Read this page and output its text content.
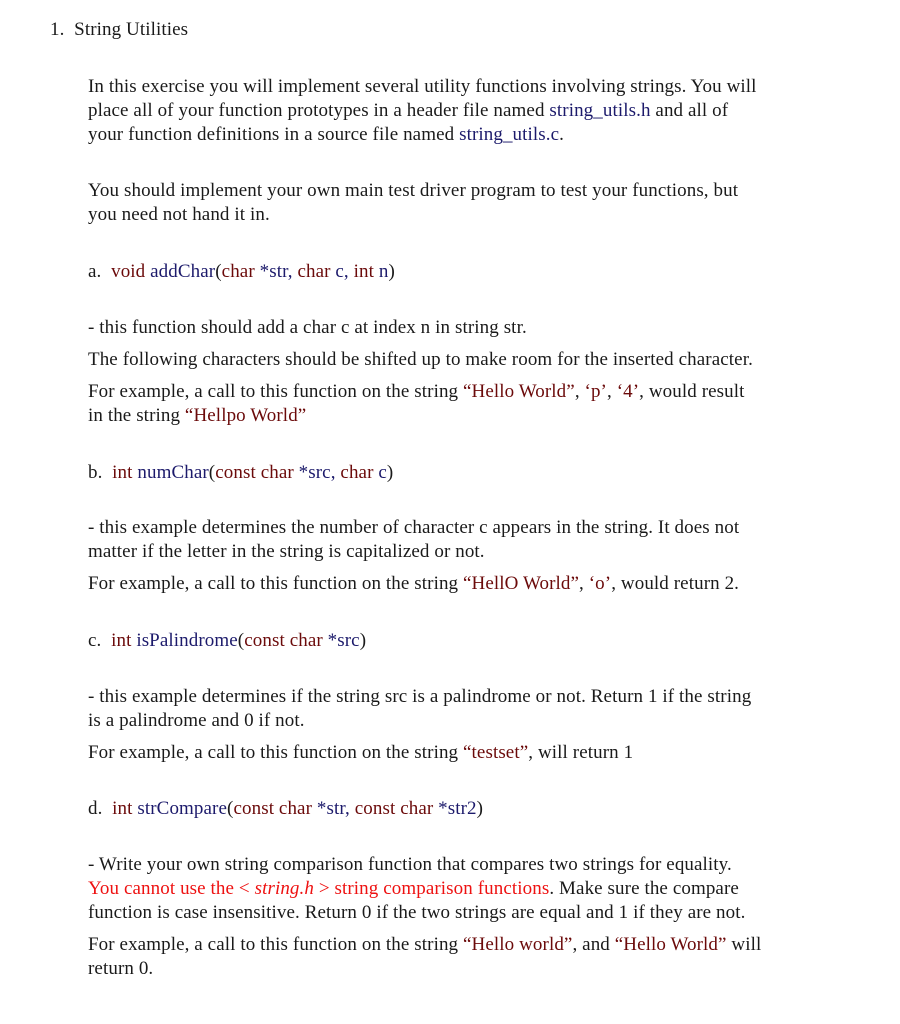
1. String Utilities
In this exercise you will implement several utility functions involving strings. You will
place all of your function prototypes in a header file named string_utils.h and all of
your function definitions in a source file named string_utils.c.
You should implement your own main test driver program to test your functions, but
you need not hand it in.
a. void addChar(char *str, char c, int n)
- this function should add a char c at index n in string str.
The following characters should be shifted up to make room for the inserted character.
For example, a call to this function on the string “Hello World”, ‘p’, ‘4’, would result
in the string “Hellpo World”
b. int numChar(const char *src, char c)
- this example determines the number of character c appears in the string. It does not
matter if the letter in the string is capitalized or not.
For example, a call to this function on the string “HellO World”, ‘o’, would return 2.
c. int isPalindrome(const char *src)
- this example determines if the string src is a palindrome or not. Return 1 if the string
is a palindrome and 0 if not.
For example, a call to this function on the string “testset”, will return 1
d. int strCompare(const char *str, const char *str2)
- Write your own string comparison function that compares two strings for equality.
You cannot use the < string.h > string comparison functions. Make sure the compare
function is case insensitive. Return 0 if the two strings are equal and 1 if they are not.
For example, a call to this function on the string “Hello world”, and “Hello World” will
return 0.
